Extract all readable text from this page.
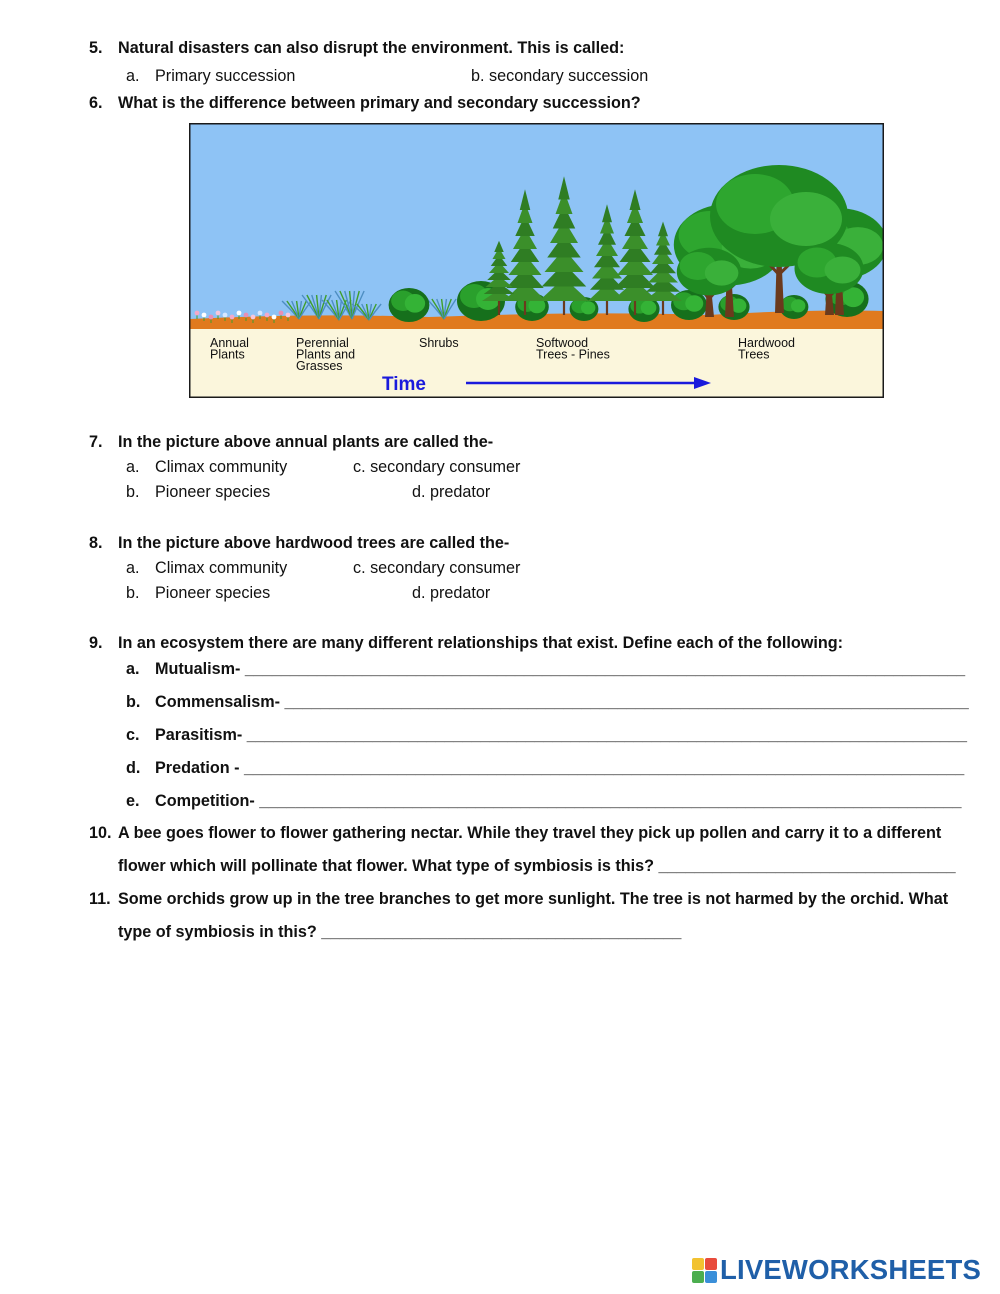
5. Natural disasters can also disrupt the environment. This is called:
a. Primary succession	b. secondary succession
6. What is the difference between primary and secondary succession?
Annual
Plants
Perennial
Plants and
Grasses
Shrubs	Softwood
Trees - Pines
Hardwood
Trees
Time
7. In the picture above annual plants are called the-
a. Climax community	c. secondary consumer
b. Pioneer species	d. predator
8. In the picture above hardwood trees are called the-
a. Climax community	c. secondary consumer
b. Pioneer species	d. predator
9. In an ecosystem there are many different relationships that exist. Define each of the following:
a. Mutualism- ________________________________________________________________________________
b. Commensalism- ____________________________________________________________________________
c. Parasitism- ________________________________________________________________________________
d. Predation - ________________________________________________________________________________
e. Competition- ______________________________________________________________________________
10. A bee goes flower to flower gathering nectar. While they travel they pick up pollen and carry it to a different
flower which will pollinate that flower. What type of symbiosis is this? _________________________________
11. Some orchids grow up in the tree branches to get more sunlight. The tree is not harmed by the orchid. What
type of symbiosis in this? ________________________________________
LIVEWORKSHEETS
